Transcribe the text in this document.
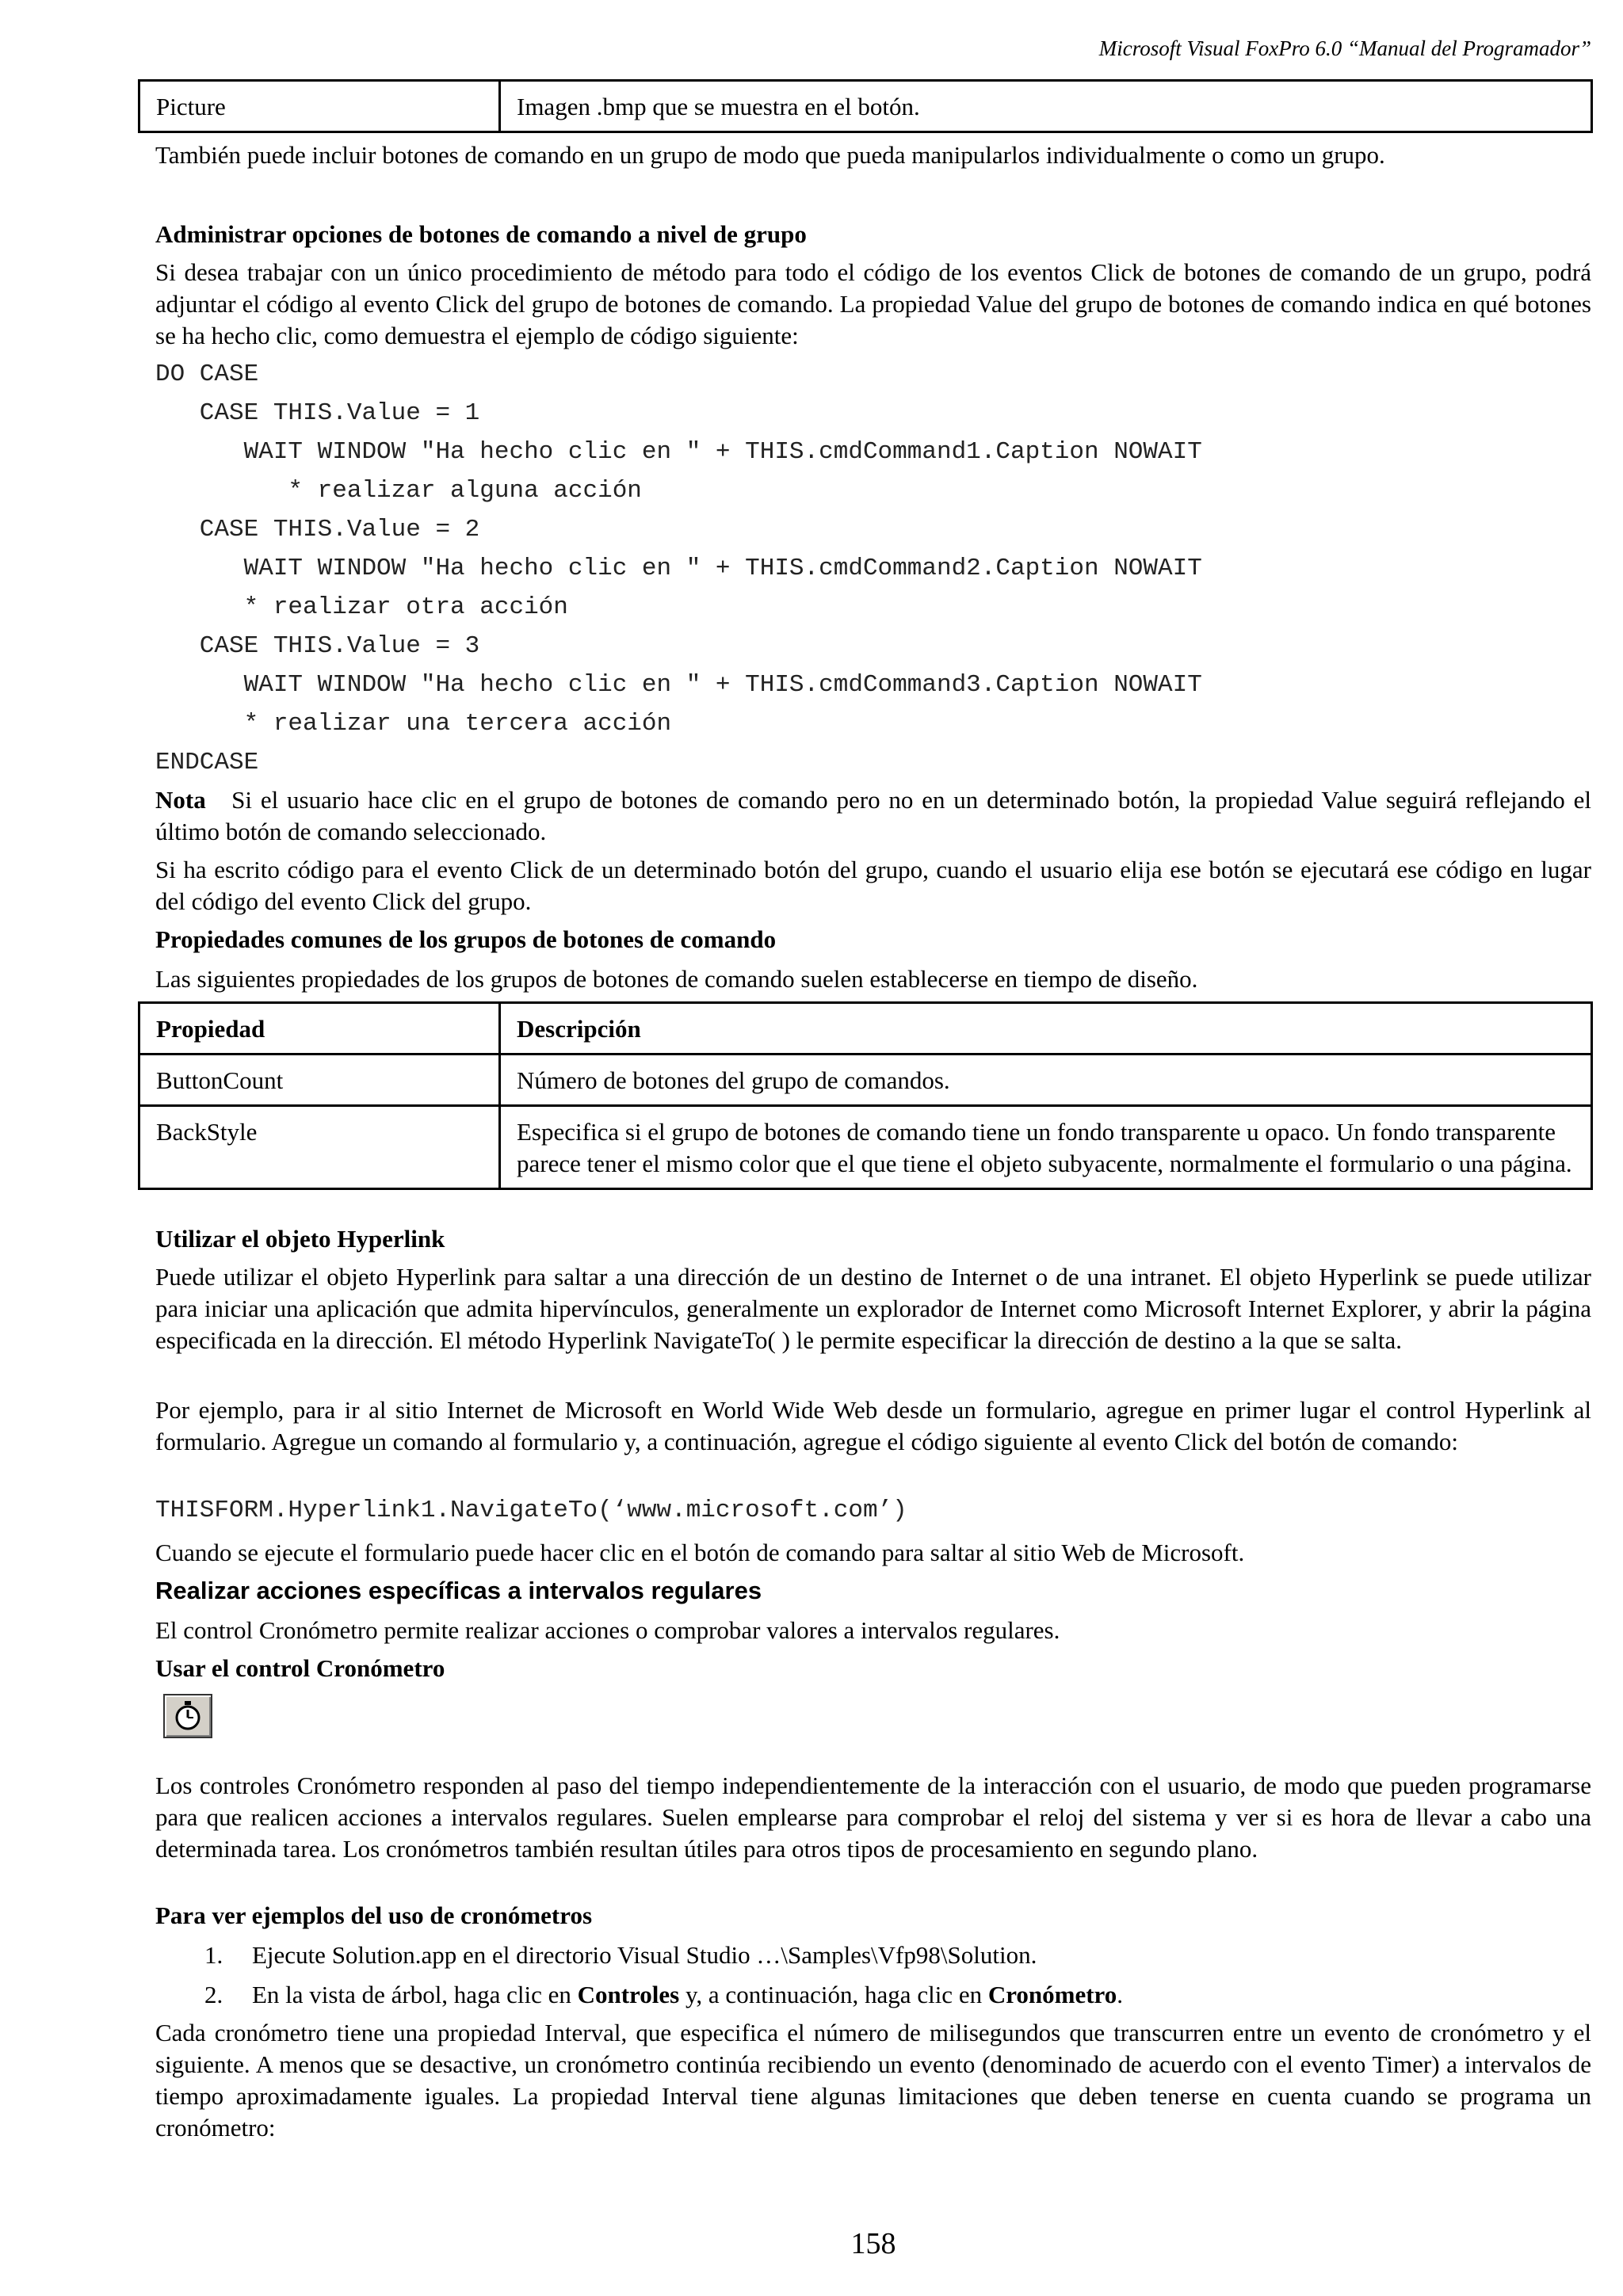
Microsoft Visual FoxPro 6.0 “Manual del Programador”
Picture	Imagen .bmp que se muestra en el botón.

También puede incluir botones de comando en un grupo de modo que pueda manipularlos individualmente o como un grupo.

Administrar opciones de botones de comando a nivel de grupo

Si desea trabajar con un único procedimiento de método para todo el código de los eventos Click de botones de comando de un grupo, podrá adjuntar el código al evento Click del grupo de botones de comando. La propiedad Value del grupo de botones de comando indica en qué botones se ha hecho clic, como demuestra el ejemplo de código siguiente:

DO CASE
CASE THIS.Value = 1
WAIT WINDOW "Ha hecho clic en " + THIS.cmdCommand1.Caption NOWAIT
* realizar alguna acción
CASE THIS.Value = 2
WAIT WINDOW "Ha hecho clic en " + THIS.cmdCommand2.Caption NOWAIT
* realizar otra acción
CASE THIS.Value = 3
WAIT WINDOW "Ha hecho clic en " + THIS.cmdCommand3.Caption NOWAIT
* realizar una tercera acción
ENDCASE

Nota Si el usuario hace clic en el grupo de botones de comando pero no en un determinado botón, la propiedad Value seguirá reflejando el último botón de comando seleccionado.

Si ha escrito código para el evento Click de un determinado botón del grupo, cuando el usuario elija ese botón se ejecutará ese código en lugar del código del evento Click del grupo.

Propiedades comunes de los grupos de botones de comando

Las siguientes propiedades de los grupos de botones de comando suelen establecerse en tiempo de diseño.

Propiedad	Descripción
ButtonCount	Número de botones del grupo de comandos.
BackStyle	Especifica si el grupo de botones de comando tiene un fondo transparente u opaco. Un fondo transparente parece tener el mismo color que el que tiene el objeto subyacente, normalmente el formulario o una página.

Utilizar el objeto Hyperlink

Puede utilizar el objeto Hyperlink para saltar a una dirección de un destino de Internet o de una intranet. El objeto Hyperlink se puede utilizar para iniciar una aplicación que admita hipervínculos, generalmente un explorador de Internet como Microsoft Internet Explorer, y abrir la página especificada en la dirección. El método Hyperlink NavigateTo( ) le permite especificar la dirección de destino a la que se salta.

Por ejemplo, para ir al sitio Internet de Microsoft en World Wide Web desde un formulario, agregue en primer lugar el control Hyperlink al formulario. Agregue un comando al formulario y, a continuación, agregue el código siguiente al evento Click del botón de comando:

THISFORM.Hyperlink1.NavigateTo(‘www.microsoft.com’)

Cuando se ejecute el formulario puede hacer clic en el botón de comando para saltar al sitio Web de Microsoft.

Realizar acciones específicas a intervalos regulares

El control Cronómetro permite realizar acciones o comprobar valores a intervalos regulares.

Usar el control Cronómetro

Los controles Cronómetro responden al paso del tiempo independientemente de la interacción con el usuario, de modo que pueden programarse para que realicen acciones a intervalos regulares. Suelen emplearse para comprobar el reloj del sistema y ver si es hora de llevar a cabo una determinada tarea. Los cronómetros también resultan útiles para otros tipos de procesamiento en segundo plano.

Para ver ejemplos del uso de cronómetros

1. Ejecute Solution.app en el directorio Visual Studio …\Samples\Vfp98\Solution.
2. En la vista de árbol, haga clic en Controles y, a continuación, haga clic en Cronómetro.

Cada cronómetro tiene una propiedad Interval, que especifica el número de milisegundos que transcurren entre un evento de cronómetro y el siguiente. A menos que se desactive, un cronómetro continúa recibiendo un evento (denominado de acuerdo con el evento Timer) a intervalos de tiempo aproximadamente iguales. La propiedad Interval tiene algunas limitaciones que deben tenerse en cuenta cuando se programa un cronómetro:

158
